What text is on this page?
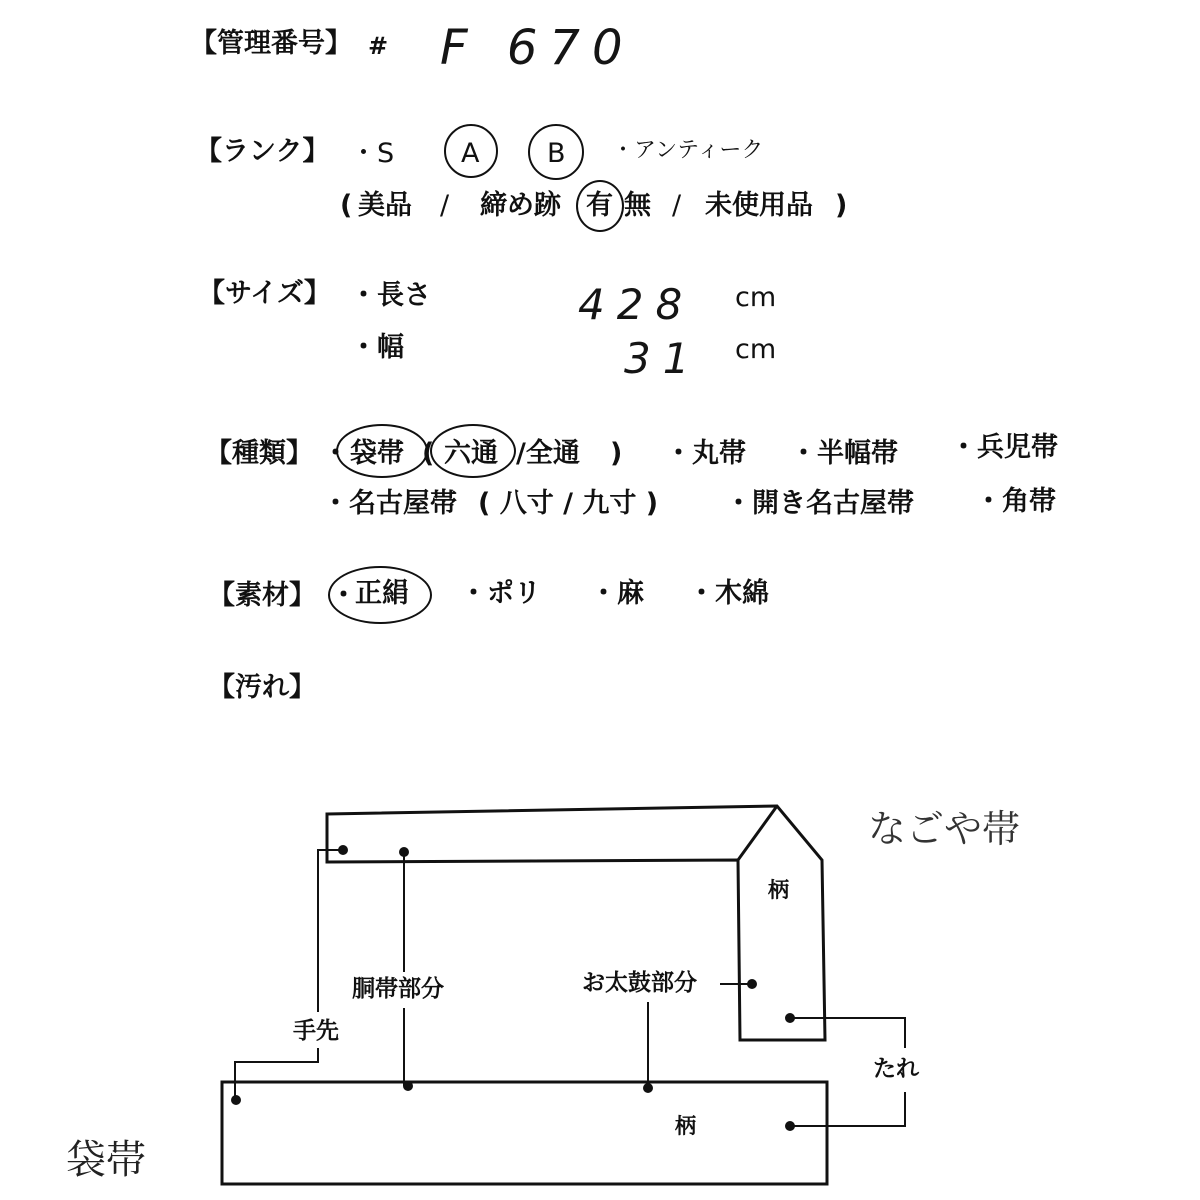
【管理番号】 # F 670
【ランク】 ・S A	B ・アンティーク
( 美品 / 締め跡 有 無 / 未使用品 )
【サイズ】 ・長さ	428 cm
・幅	31 cm
【種類】 ・ 袋帯 ( 六通 /全通 ) ・丸帯 ・半幅帯 ・兵児帯
・名古屋帯 ( 八寸 / 九寸 ) ・開き名古屋帯 ・角帯
【素材】 ・
正絹 ・ポリ ・麻 ・木綿
【汚れ】
なごや帯
袋帯
柄
柄
胴帯部分	お太鼓部分
手先
たれ
